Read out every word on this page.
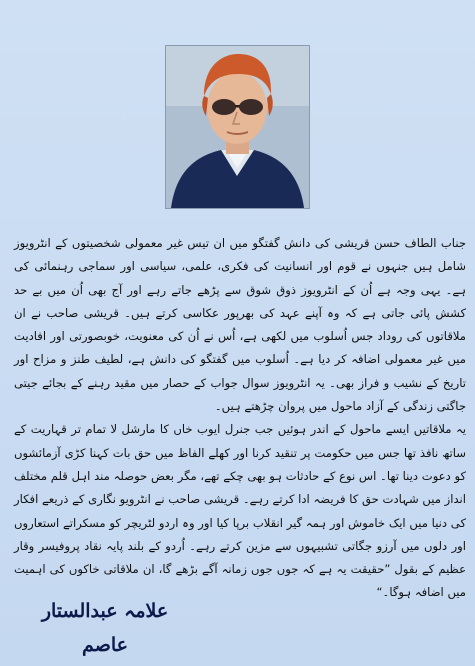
جناب الطاف حسن قریشی کی دانش گفتگو میں ان تیس غیر معمولی شخصیتوں کے انٹرویوز شامل ہیں جنہوں نے قوم اور انسانیت کی فکری، علمی، سیاسی اور سماجی رہنمائی کی ہے۔ یہی وجہ ہے اُن کے انٹرویوز ذوق شوق سے پڑھے جاتے رہے اور آج بھی اُن میں بے حد کشش پائی جاتی ہے کہ وہ آپنے عہد کی بھرپور عکاسی کرتے ہیں۔ قریشی صاحب نے ان ملاقاتوں کی روداد جس اُسلوب میں لکھی ہے، اُس نے اُن کی معنویت، خوبصورتی اور افادیت میں غیر معمولی اضافہ کر دیا ہے۔ اُسلوب میں گفتگو کی دانش ہے، لطیف طنز و مزاح اور تاریخ کے نشیب و فراز بھی۔ یہ انٹرویوز سوال جواب کے حصار میں مقید رہنے کے بجائے جیتی جاگتی زندگی کے آزاد ماحول میں پروان چڑھتے ہیں۔

یہ ملاقاتیں ایسے ماحول کے اندر ہوئیں جب جنرل ایوب خاں کا مارشل لا تمام تر قہاریت کے ساتھ نافذ تھا جس میں حکومت پر تنقید کرنا اور کھلے الفاظ میں حق بات کہنا کڑی آزمائشوں کو دعوت دینا تھا۔ اس نوع کے حادثات ہو بھی چکے تھے، مگر بعض حوصلہ مند اہل قلم مختلف انداز میں شہادت حق کا فریضہ ادا کرتے رہے۔ قریشی صاحب نے انٹرویو نگاری کے ذریعے افکار کی دنیا میں ایک خاموش اور ہمہ گیر انقلاب برپا کیا اور وہ اردو لٹریچر کو مسکراتے استعاروں اور دلوں میں آرزو جگاتی تشبیہوں سے مزین کرتے رہے۔ اُردو کے بلند پایہ نقاد پروفیسر وقار عظیم کے بقول ”حقیقت یہ ہے کہ جوں جوں زمانہ آگے بڑھے گا، ان ملاقاتی خاکوں کی اہمیت میں اضافہ ہوگا۔“

علامہ عبدالستار عاصم
